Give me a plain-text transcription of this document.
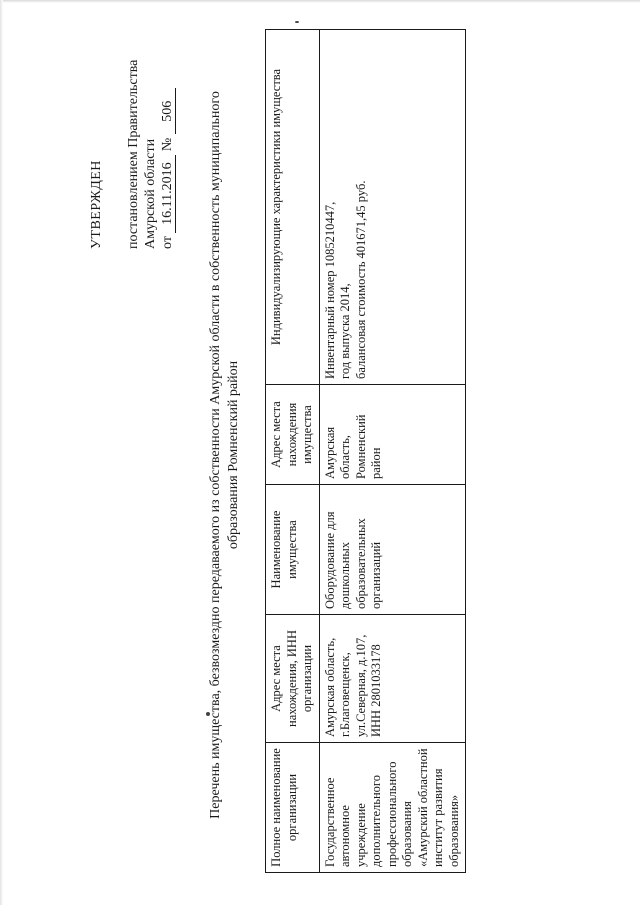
УТВЕРЖДЕН постановлением Правительства Амурской области от 16.11.2016 № 506 Перечень имущества, безвозмездно передаваемого из собственности Амурской области в собственность муниципального образования Ромненский район
Полное наименование организации	Адрес места нахождения, ИНН организации	Наименование имущества	Адрес места нахождения имущества	Индивидуализирующие характеристики имущества

Государственное автономное учреждение дополнительного профессионального образования «Амурский областной институт развития образования»	Амурская область, г.Благовещенск, ул.Северная, д.107, ИНН 2801033178	Оборудование для дошкольных образовательных организаций	Амурская область, Ромненский район	Инвентарный номер 1085210447, год выпуска 2014, балансовая стоимость 401671,45 руб.
